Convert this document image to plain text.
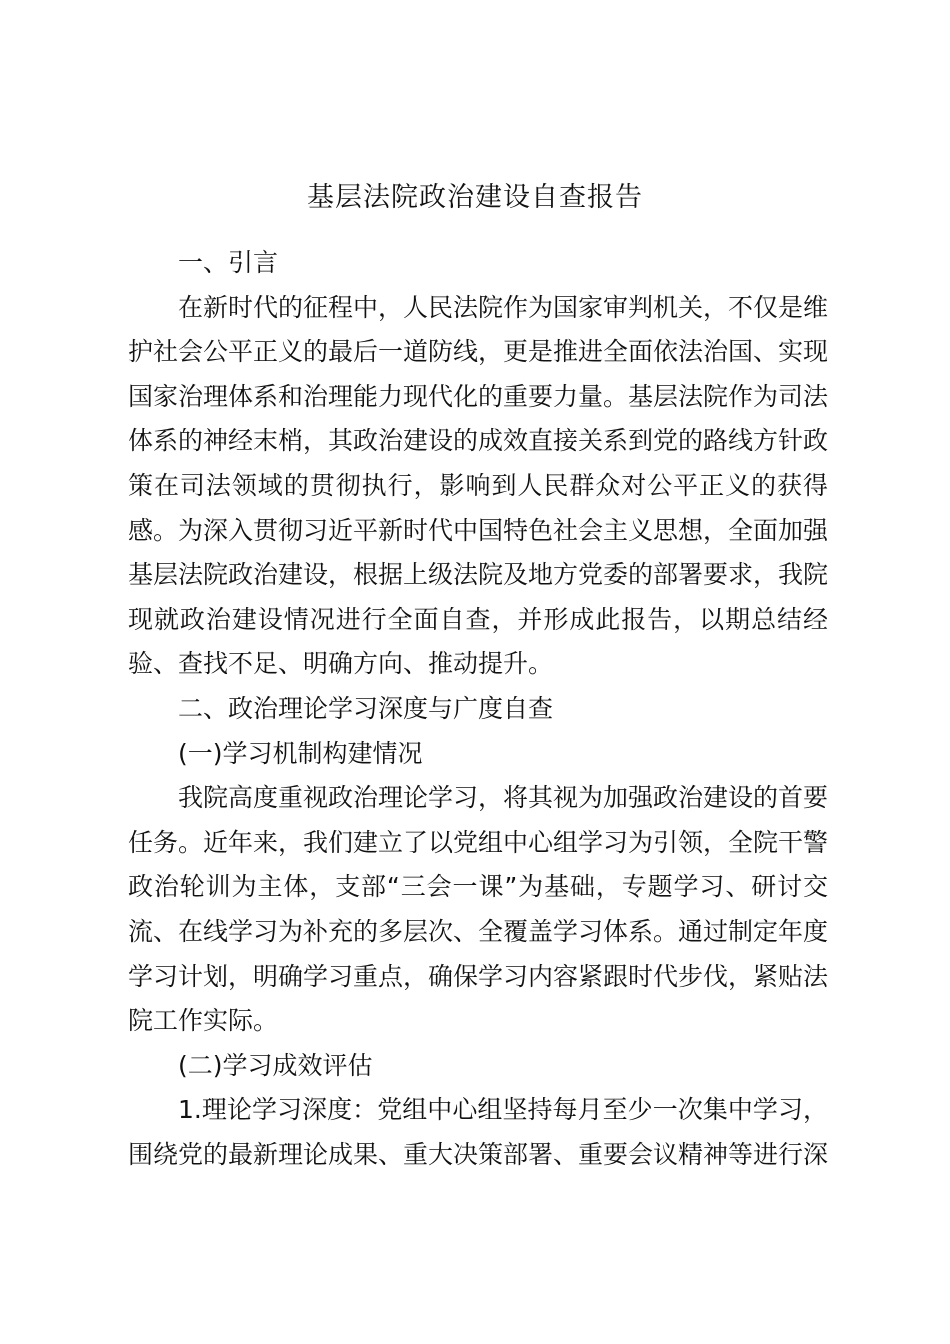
基层法院政治建设自查报告

一、引言

在新时代的征程中，人民法院作为国家审判机关，不仅是维护社会公平正义的最后一道防线，更是推进全面依法治国、实现国家治理体系和治理能力现代化的重要力量。基层法院作为司法体系的神经末梢，其政治建设的成效直接关系到党的路线方针政策在司法领域的贯彻执行，影响到人民群众对公平正义的获得感。为深入贯彻习近平新时代中国特色社会主义思想，全面加强基层法院政治建设，根据上级法院及地方党委的部署要求，我院现就政治建设情况进行全面自查，并形成此报告，以期总结经验、查找不足、明确方向、推动提升。

二、政治理论学习深度与广度自查

(一)学习机制构建情况

我院高度重视政治理论学习，将其视为加强政治建设的首要任务。近年来，我们建立了以党组中心组学习为引领，全院干警政治轮训为主体，支部“三会一课”为基础，专题学习、研讨交流、在线学习为补充的多层次、全覆盖学习体系。通过制定年度学习计划，明确学习重点，确保学习内容紧跟时代步伐，紧贴法院工作实际。

(二)学习成效评估

1.理论学习深度：党组中心组坚持每月至少一次集中学习，围绕党的最新理论成果、重大决策部署、重要会议精神等进行深
